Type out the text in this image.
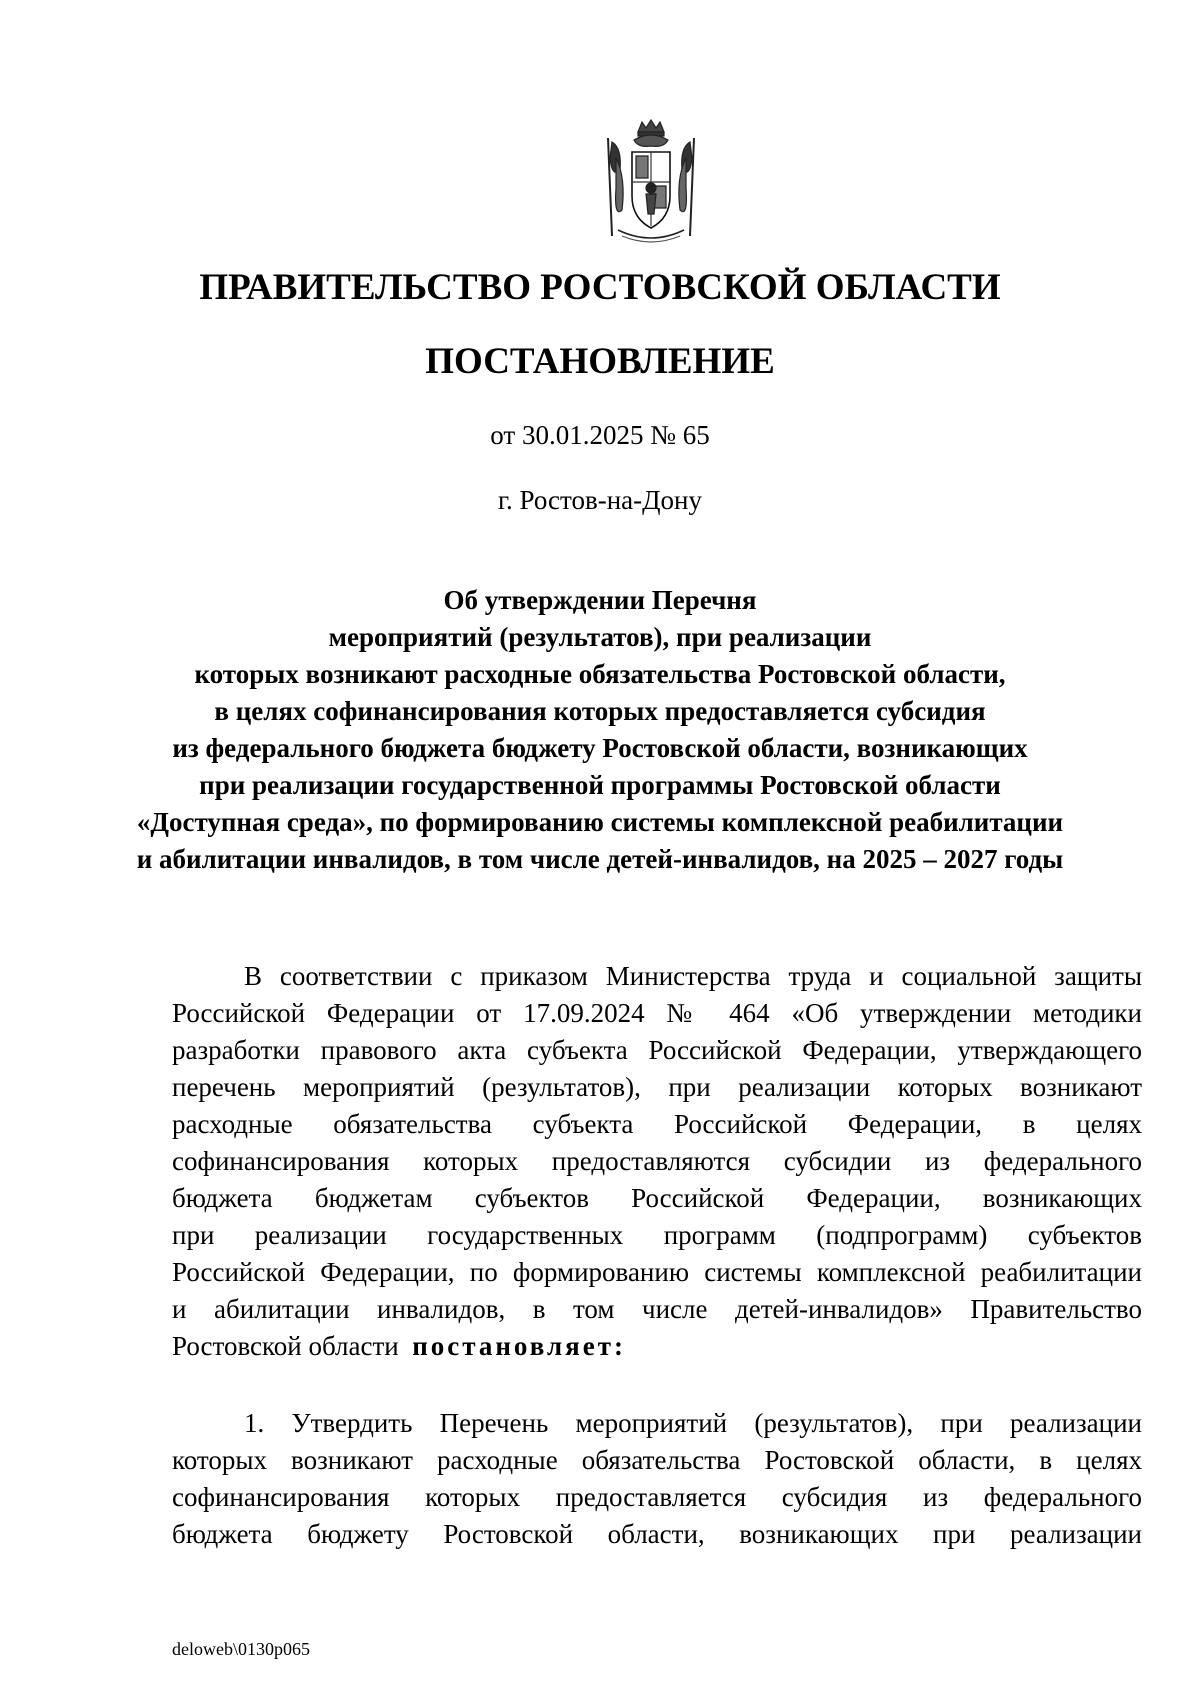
ПРАВИТЕЛЬСТВО РОСТОВСКОЙ ОБЛАСТИ
ПОСТАНОВЛЕНИЕ
от 30.01.2025 № 65
г. Ростов-на-Дону
Об утверждении Перечня
мероприятий (результатов), при реализации
которых возникают расходные обязательства Ростовской области,
в целях софинансирования которых предоставляется субсидия
из федерального бюджета бюджету Ростовской области, возникающих
при реализации государственной программы Ростовской области
«Доступная среда», по формированию системы комплексной реабилитации
и абилитации инвалидов, в том числе детей-инвалидов, на 2025 – 2027 годы
В соответствии с приказом Министерства труда и социальной защиты
Российской Федерации от 17.09.2024 № 464 «Об утверждении методики
разработки правового акта субъекта Российской Федерации, утверждающего
перечень мероприятий (результатов), при реализации которых возникают
расходные обязательства субъекта Российской Федерации, в целях
софинансирования которых предоставляются субсидии из федерального
бюджета бюджетам субъектов Российской Федерации, возникающих
при реализации государственных программ (подпрограмм) субъектов
Российской Федерации, по формированию системы комплексной реабилитации
и абилитации инвалидов, в том числе детей-инвалидов» Правительство
Ростовской области постановляет:
1. Утвердить Перечень мероприятий (результатов), при реализации
которых возникают расходные обязательства Ростовской области, в целях
софинансирования которых предоставляется субсидия из федерального
бюджета бюджету Ростовской области, возникающих при реализации
deloweb\0130p065
